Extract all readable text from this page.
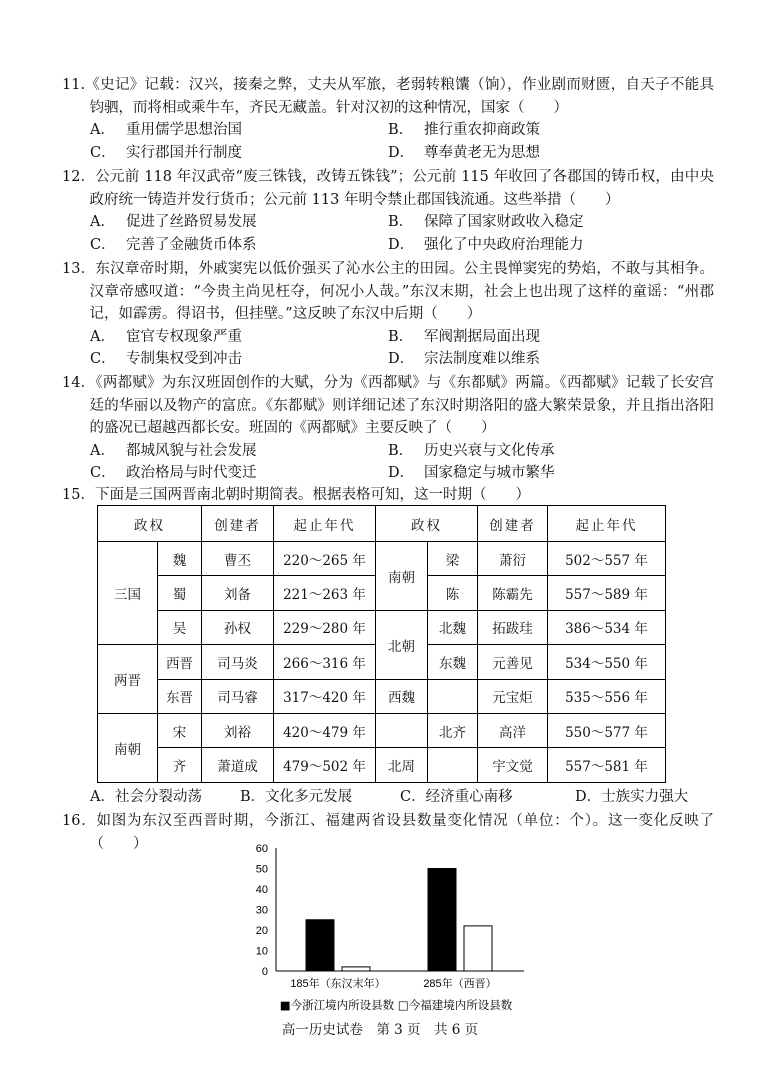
11.《史记》记载：汉兴，接秦之弊，丈夫从军旅，老弱转粮馕（饷），作业剧而财匮，自天子不能具钧驷，而将相或乘牛车，齐民无藏盖。针对汉初的这种情况，国家（　　）

A． 重用儒学思想治国	B． 推行重农抑商政策
C． 实行郡国并行制度	D． 尊奉黄老无为思想

12．公元前 118 年汉武帝“废三铢钱，改铸五铢钱”；公元前 115 年收回了各郡国的铸币权，由中央政府统一铸造并发行货币；公元前 113 年明令禁止郡国钱流通。这些举措（　　）

A． 促进了丝路贸易发展	B． 保障了国家财政收入稳定
C． 完善了金融货币体系	D． 强化了中央政府治理能力

13．东汉章帝时期，外戚窦宪以低价强买了沁水公主的田园。公主畏惮窦宪的势焰，不敢与其相争。汉章帝感叹道：“今贵主尚见枉夺，何况小人哉。”东汉末期，社会上也出现了这样的童谣：“州郡记，如霹雳。得诏书，但挂壁。”这反映了东汉中后期（　　）

A． 宦官专权现象严重	B． 军阀割据局面出现
C． 专制集权受到冲击	D． 宗法制度难以维系

14．《两都赋》为东汉班固创作的大赋，分为《西都赋》与《东都赋》两篇。《西都赋》记载了长安宫廷的华丽以及物产的富庶。《东都赋》则详细记述了东汉时期洛阳的盛大繁荣景象，并且指出洛阳的盛况已超越西都长安。班固的《两都赋》主要反映了（　　）

A． 都城风貌与社会发展	B． 历史兴衰与文化传承
C． 政治格局与时代变迁	D． 国家稳定与城市繁华

15．下面是三国两晋南北朝时期简表。根据表格可知，这一时期（　　）

政权		创建者	起止年代	政权		创建者	起止年代
三国	魏	曹丕	220～265 年	南朝	梁	萧衍	502～557 年
	蜀	刘备	221～263 年		陈	陈霸先	557～589 年
	吴	孙权	229～280 年	北朝	北魏	拓跋珪	386～534 年
两晋	西晋	司马炎	266～316 年		东魏	元善见	534～550 年
	东晋	司马睿	317～420 年	西魏		元宝炬	535～556 年
南朝	宋	刘裕	420～479 年		北齐	高洋	550～577 年
	齐	萧道成	479～502 年	北周		宇文觉	557～581 年
A．社会分裂动荡	B．文化多元发展	C．经济重心南移	D．士族实力强大

16．如图为东汉至西晋时期，今浙江、福建两省设县数量变化情况（单位：个）。这一变化反映了（　　）

0
10
20
30
40
50
60
185年（东汉末年）	285年（西晋）
■今浙江境内所设县数 □今福建境内所设县数
高一历史试卷　第 3 页　共 6 页
